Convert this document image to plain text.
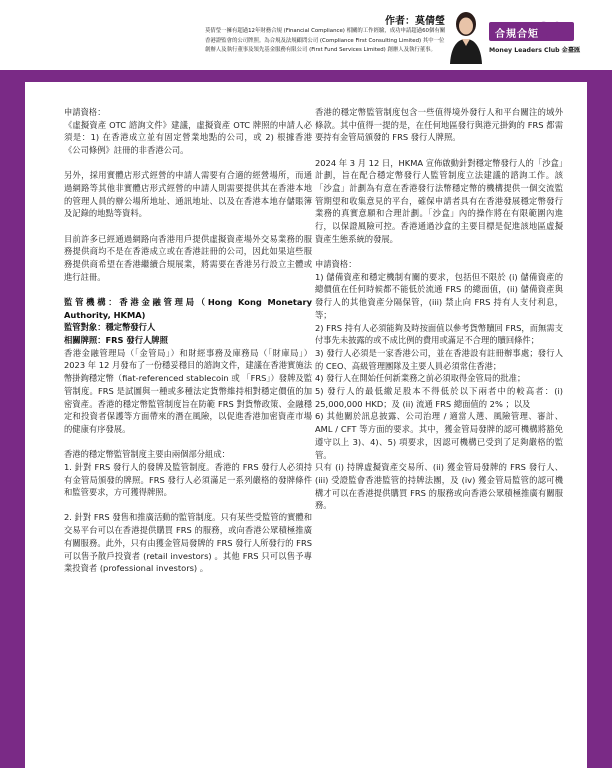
作者：莫倩瑩
莫倩瑩一擁有超過12年財務合規 (Financial Compliance) 相關的工作經驗，成功申請超過60個有關香港證監會的公司牌照。為合規及法規顧問公司 (Compliance First Consulting Limited) 其中一位創辦人及執行董事及領先基金服務有限公司 (First Fund Services Limited) 創辦人及執行董事。
合規合矩 39
Money Leaders Club 金臺匯

申請資格：

《虛擬資產 OTC 諮詢文件》建議，虛擬資產 OTC 牌照的申請人必須是：1) 在香港成立並有固定營業地點的公司，或 2) 根據香港《公司條例》註冊的非香港公司。

另外，採用實體店形式經營的申請人需要有合適的經營場所，而通過網路等其他非實體店形式經營的申請人則需要提供其在香港本地的管理人員的辦公場所地址、通訊地址、以及在香港本地存儲賬簿及記錄的地點等資料。

目前許多已經通過網路向香港用戶提供虛擬資產場外交易業務的服務提供商均不是在香港成立或在香港註冊的公司，因此如果這些服務提供商希望在香港繼續合規展業，將需要在香港另行設立主體或進行註冊。

監管機構：香港金融管理局（Hong Kong Monetary Authority, HKMA)

監管對象：穩定幣發行人

相關牌照：FRS 發行人牌照

香港金融管理局（「金管局」）和財經事務及庫務局（「財庫局」）2023 年 12 月發布了一份穩妥穩目的諮詢文件，建議在香港實施法幣掛鉤穩定幣（fiat-referenced stablecoin 或 「FRS」）發牌及監管制度。FRS 是試圖與一種或多種法定貨幣維持相對穩定價值的加密資產。香港的穩定幣監管制度旨在防範 FRS 對貨幣政策、金融穩定和投資者保護等方面帶來的潛在風險，以促進香港加密資產市場的健康有序發展。

香港的穩定幣監管制度主要由兩個部分組成：

1. 針對 FRS 發行人的發牌及監管制度。香港的 FRS 發行人必須持有金管局頒發的牌照。FRS 發行人必須滿足一系列嚴格的發牌條件和監管要求，方可獲得牌照。

2. 針對 FRS 發售和推廣活動的監管制度。只有某些受監管的實體和交易平台可以在香港提供購買 FRS 的服務，或向香港公眾積極推廣有關服務。此外，只有由獲金管局發牌的 FRS 發行人所發行的 FRS 可以售予散戶投資者 (retail investors) 。其他 FRS 只可以售予專業投資者 (professional investors) 。

香港的穩定幣監管制度包含一些值得境外發行人和平台關注的域外條款。其中值得一提的是，在任何地區發行與港元掛鉤的 FRS 都需要持有金管局頒發的 FRS 發行人牌照。

2024 年 3 月 12 日，HKMA 宣佈啟動針對穩定幣發行人的「沙盒」計劃，旨在配合穩定幣發行人監管制度立法建議的諮詢工作。該「沙盒」計劃為有意在香港發行法幣穩定幣的機構提供一個交流監管期望和收集意見的平台，確保申請者具有在香港發展穩定幣發行業務的真實意願和合理計劃。「沙盒」內的操作將在有限範圍內進行，以保證風險可控。香港通過沙盒的主要目標是促進該地區虛擬資產生態系統的發展。

申請資格：

1) 儲備資產和穩定機制有關的要求，包括但不限於 (i) 儲備資產的總價值在任何時候都不能低於流通 FRS 的總面值，(ii) 儲備資產與發行人的其他資產分隔保管，(iii) 禁止向 FRS 持有人支付利息，等；

2) FRS 持有人必須能夠及時按面值以參考貨幣贖回 FRS，而無需支付事先未披露的或不成比例的費用或滿足不合理的贖回條件；

3) 發行人必須是一家香港公司，並在香港設有註冊辦事處；發行人的 CEO、高級管理團隊及主要人員必須常住香港；

4) 發行人在開始任何新業務之前必須取得金管局的批准；

5) 發行人的最低繳足股本不得低於以下兩者中的較高者：(i) 25,000,000 HKD；及 (ii) 流通 FRS 總面值的 2% ；以及

6) 其他關於訊息披露、公司治理 / 適當人選、風險管理、審計、AML / CFT 等方面的要求。其中，獲金管局發牌的認可機構將豁免遵守以上 3)、4)、5) 項要求，因認可機構已受到了足夠嚴格的監管。

只有 (i) 持牌虛擬資產交易所、(ii) 獲金管局發牌的 FRS 發行人、(iii) 受證監會香港監管的持牌法團，及 (iv) 獲金管局監管的認可機構才可以在香港提供購買 FRS 的服務或向香港公眾積極推廣有關服務。
